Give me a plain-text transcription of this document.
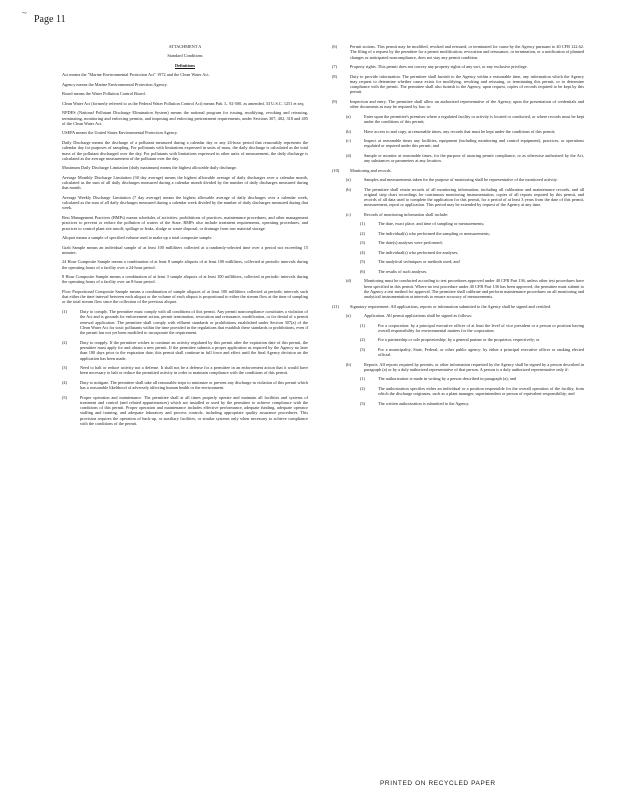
~
Page 11

ATTACHMENT A

Standard Conditions

Definitions

Act means the "Marine Environmental Protection Act" 1972 and the Clean Water Act.

Agency means the Marine Environmental Protection Agency.

Board means the Water Pollution Control Board.

Clean Water Act (formerly referred to as the Federal Water Pollution Control Act) means Pub. L. 92-500, as amended, 33 U.S.C. 1251 et seq.

NPDES (National Pollutant Discharge Elimination System) means the national program for issuing, modifying, revoking and reissuing, terminating, monitoring and enforcing permits, and imposing and enforcing pretreatment requirements, under Sections 307, 402, 318 and 405 of the Clean Water Act.

USEPA means the United States Environmental Protection Agency.

Daily Discharge means the discharge of a pollutant measured during a calendar day or any 24-hour period that reasonably represents the calendar day for purposes of sampling. For pollutants with limitations expressed in units of mass, the daily discharge is calculated as the total mass of the pollutant discharged over the day. For pollutants with limitations expressed in other units of measurement, the daily discharge is calculated as the average measurement of the pollutant over the day.

Maximum Daily Discharge Limitation (daily maximum) means the highest allowable daily discharge.

Average Monthly Discharge Limitation (30 day average) means the highest allowable average of daily discharges over a calendar month, calculated as the sum of all daily discharges measured during a calendar month divided by the number of daily discharges measured during that month.

Average Weekly Discharge Limitation (7 day average) means the highest allowable average of daily discharges over a calendar week, calculated as the sum of all daily discharges measured during a calendar week divided by the number of daily discharges measured during that week.

Best Management Practices (BMPs) means schedules of activities, prohibitions of practices, maintenance procedures, and other management practices to prevent or reduce the pollution of waters of the State. BMPs also include treatment requirements, operating procedures, and practices to control plant site runoff, spillage or leaks, sludge or waste disposal, or drainage from raw material storage.

Aliquot means a sample of specified volume used to make up a total composite sample.

Grab Sample means an individual sample of at least 100 milliliters collected at a randomly-selected time over a period not exceeding 15 minutes.

24 Hour Composite Sample means a combination of at least 8 sample aliquots of at least 100 milliliters, collected at periodic intervals during the operating hours of a facility over a 24-hour period.

8 Hour Composite Sample means a combination of at least 3 sample aliquots of at least 100 milliliters, collected at periodic intervals during the operating hours of a facility over an 8-hour period.

Flow Proportional Composite Sample means a combination of sample aliquots of at least 100 milliliters collected at periodic intervals such that either the time interval between each aliquot or the volume of each aliquot is proportional to either the stream flow at the time of sampling or the total stream flow since the collection of the previous aliquot.

(1)	Duty to comply. The permittee must comply with all conditions of this permit. Any permit noncompliance constitutes a violation of the Act and is grounds for enforcement action, permit termination, revocation and reissuance, modification, or for denial of a permit renewal application. The permittee shall comply with effluent standards or prohibitions established under Section 307(a) of the Clean Water Act for toxic pollutants within the time provided in the regulations that establish these standards or prohibitions, even if the permit has not yet been modified to incorporate the requirement.
(2)	Duty to reapply. If the permittee wishes to continue an activity regulated by this permit after the expiration date of this permit, the permittee must apply for and obtain a new permit. If the permittee submits a proper application as required by the Agency no later than 180 days prior to the expiration date, this permit shall continue in full force and effect until the final Agency decision on the application has been made.
(3)	Need to halt or reduce activity not a defense. It shall not be a defense for a permittee in an enforcement action that it would have been necessary to halt or reduce the permitted activity in order to maintain compliance with the conditions of this permit.
(4)	Duty to mitigate. The permittee shall take all reasonable steps to minimize or prevent any discharge in violation of this permit which has a reasonable likelihood of adversely affecting human health or the environment.
(5)	Proper operation and maintenance. The permittee shall at all times properly operate and maintain all facilities and systems of treatment and control (and related appurtenances) which are installed or used by the permittee to achieve compliance with the conditions of this permit. Proper operation and maintenance includes effective performance, adequate funding, adequate operator staffing and training, and adequate laboratory and process controls, including appropriate quality assurance procedures. This provision requires the operation of back-up, or auxiliary facilities, or similar systems only when necessary to achieve compliance with the conditions of the permit.
(6)	Permit actions. This permit may be modified, revoked and reissued, or terminated for cause by the Agency pursuant to 40 CFR 122.62. The filing of a request by the permittee for a permit modification, revocation and reissuance, or termination, or a notification of planned changes or anticipated noncompliance, does not stay any permit condition.
(7)	Property rights. This permit does not convey any property rights of any sort, or any exclusive privilege.
(8)	Duty to provide information. The permittee shall furnish to the Agency within a reasonable time, any information which the Agency may request to determine whether cause exists for modifying, revoking and reissuing, or terminating this permit, or to determine compliance with the permit. The permittee shall also furnish to the Agency, upon request, copies of records required to be kept by this permit.
(9)	Inspection and entry. The permittee shall allow an authorized representative of the Agency, upon the presentation of credentials and other documents as may be required by law, to:
(a)	Enter upon the permittee's premises where a regulated facility or activity is located or conducted, or where records must be kept under the conditions of this permit;
(b)	Have access to and copy, at reasonable times, any records that must be kept under the conditions of this permit;
(c)	Inspect at reasonable times any facilities, equipment (including monitoring and control equipment), practices, or operations regulated or required under this permit; and
(d)	Sample or monitor at reasonable times, for the purpose of assuring permit compliance, or as otherwise authorized by the Act, any substances or parameters at any location.
(10)	Monitoring and records.
(a)	Samples and measurements taken for the purpose of monitoring shall be representative of the monitored activity.
(b)	The permittee shall retain records of all monitoring information, including all calibration and maintenance records, and all original strip chart recordings for continuous monitoring instrumentation, copies of all reports required by this permit, and records of all data used to complete the application for this permit, for a period of at least 3 years from the date of this permit, measurement, report or application. This period may be extended by request of the Agency at any time.
(c)	Records of monitoring information shall include:
(1)	The date, exact place, and time of sampling or measurements;
(2)	The individual(s) who performed the sampling or measurements;
(3)	The date(s) analyses were performed;
(4)	The individual(s) who performed the analyses;
(5)	The analytical techniques or methods used; and
(6)	The results of such analyses.
(d)	Monitoring must be conducted according to test procedures approved under 40 CFR Part 136, unless other test procedures have been specified in this permit. Where no test procedure under 40 CFR Part 136 has been approved, the permittee must submit to the Agency a test method for approval. The permittee shall calibrate and perform maintenance procedures on all monitoring and analytical instrumentation at intervals to ensure accuracy of measurements.
(11)	Signatory requirement. All applications, reports or information submitted to the Agency shall be signed and certified.
(a)	Application. All permit applications shall be signed as follows:
(1)	For a corporation: by a principal executive officer of at least the level of vice president or a person or position having overall responsibility for environmental matters for the corporation;
(2)	For a partnership or sole proprietorship: by a general partner or the proprietor, respectively; or
(3)	For a municipality, State, Federal, or other public agency: by either a principal executive officer or ranking elected official.
(b)	Reports. All reports required by permits, or other information requested by the Agency shall be signed by a person described in paragraph (a) or by a duly authorized representative of that person. A person is a duly authorized representative only if:
(1)	The authorization is made in writing by a person described in paragraph (a); and
(2)	The authorization specifies either an individual or a position responsible for the overall operation of the facility, from which the discharge originates, such as a plant manager, superintendent or person of equivalent responsibility; and
(3)	The written authorization is submitted to the Agency.
PRINTED ON RECYCLED PAPER
